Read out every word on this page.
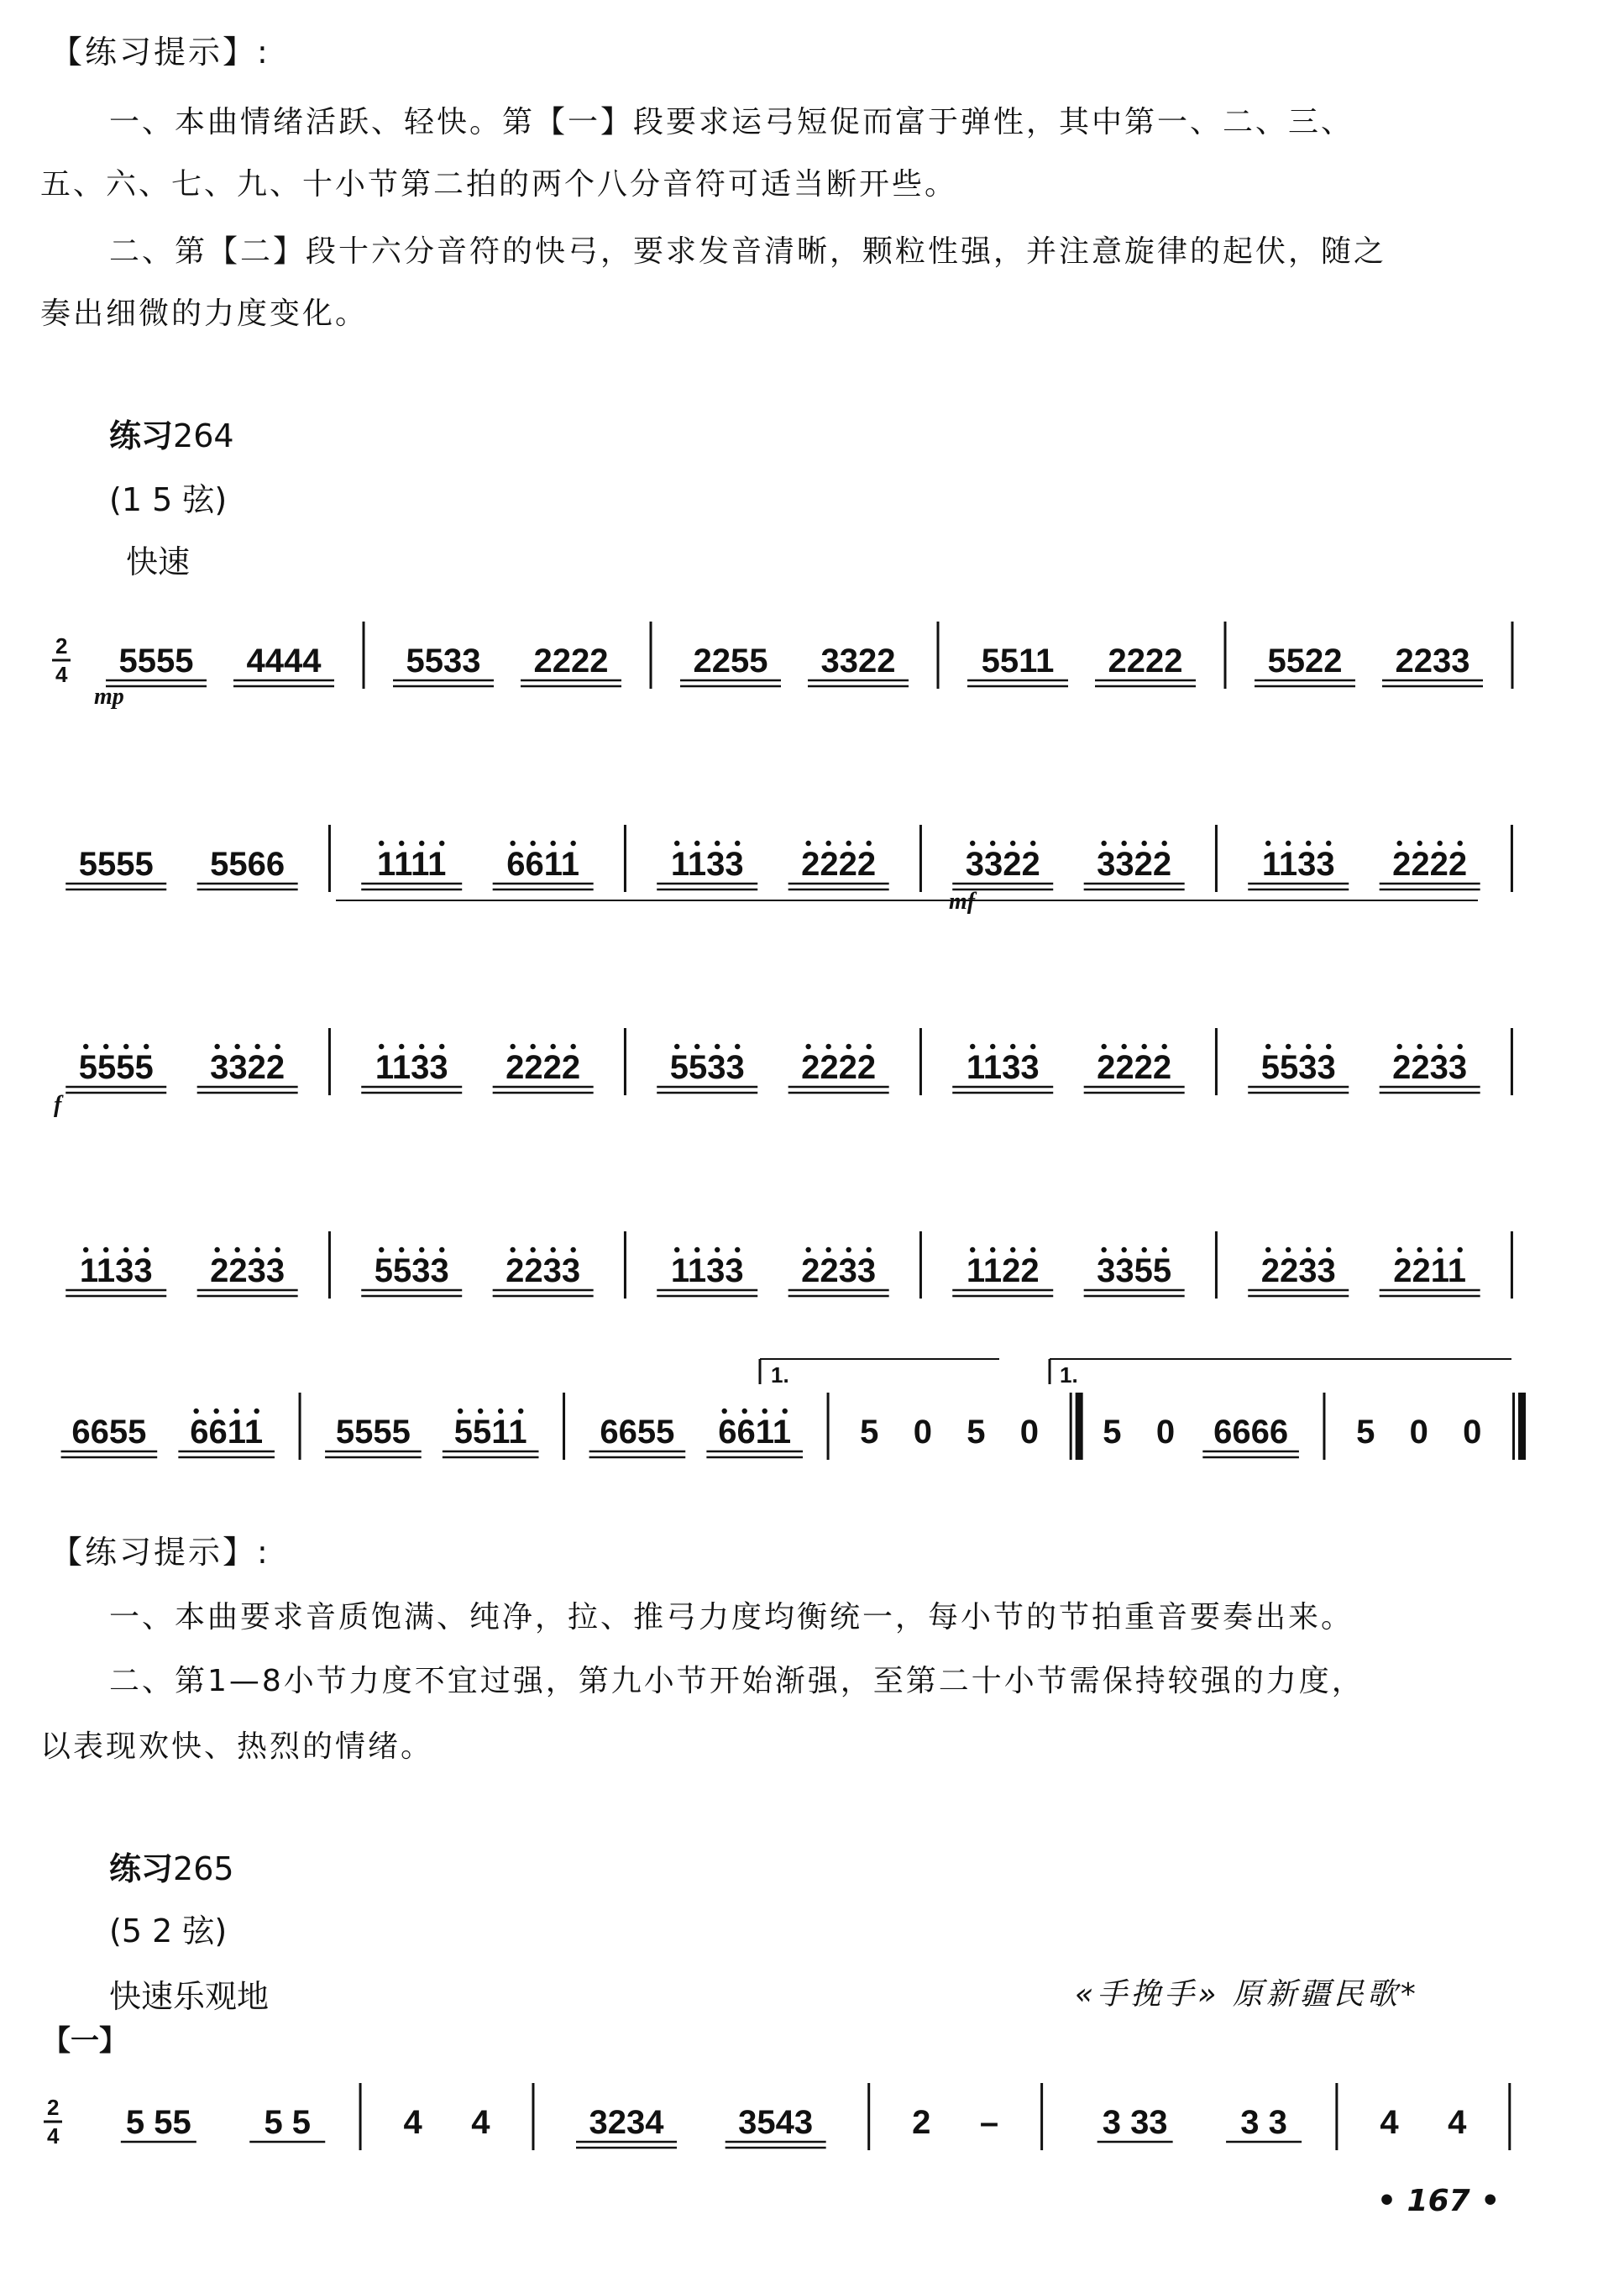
【练习提示】:
一、本曲情绪活跃、轻快。第【一】段要求运弓短促而富于弹性，其中第一、二、三、
五、六、七、九、十小节第二拍的两个八分音符可适当断开些。
二、第【二】段十六分音符的快弓，要求发音清晰，颗粒性强，并注意旋律的起伏，随之
奏出细微的力度变化。
练习264
(1 5 弦)
快速
2
4 5555 4444	5533 2222	2255 3322	5511 2222	5522 2233
mp
5555 5566	1111 6611	1133 2222	3322 3322	1133 2222
mf
5555 3322	1133 2222	5533 2222	1133 2222	5533 2233
f
1133 2233	5533 2233	1133 2233	1122 3355	2233 2211
6655 6611 5555 5511 6655 6611 5 0 5 0 5 0 6666 5 0 0
1.	1.
【练习提示】:
一、本曲要求音质饱满、纯净，拉、推弓力度均衡统一，每小节的节拍重音要奏出来。
二、第1—8小节力度不宜过强，第九小节开始渐强，至第二十小节需保持较强的力度，
以表现欢快、热烈的情绪。
练习265
(5 2 弦)
快速乐观地	«手挽手» 原新疆民歌*
【一】
2
4 5 55 5 5	4 4	3234 3543	2 –	3 33 3 3	4 4
• 167 •
